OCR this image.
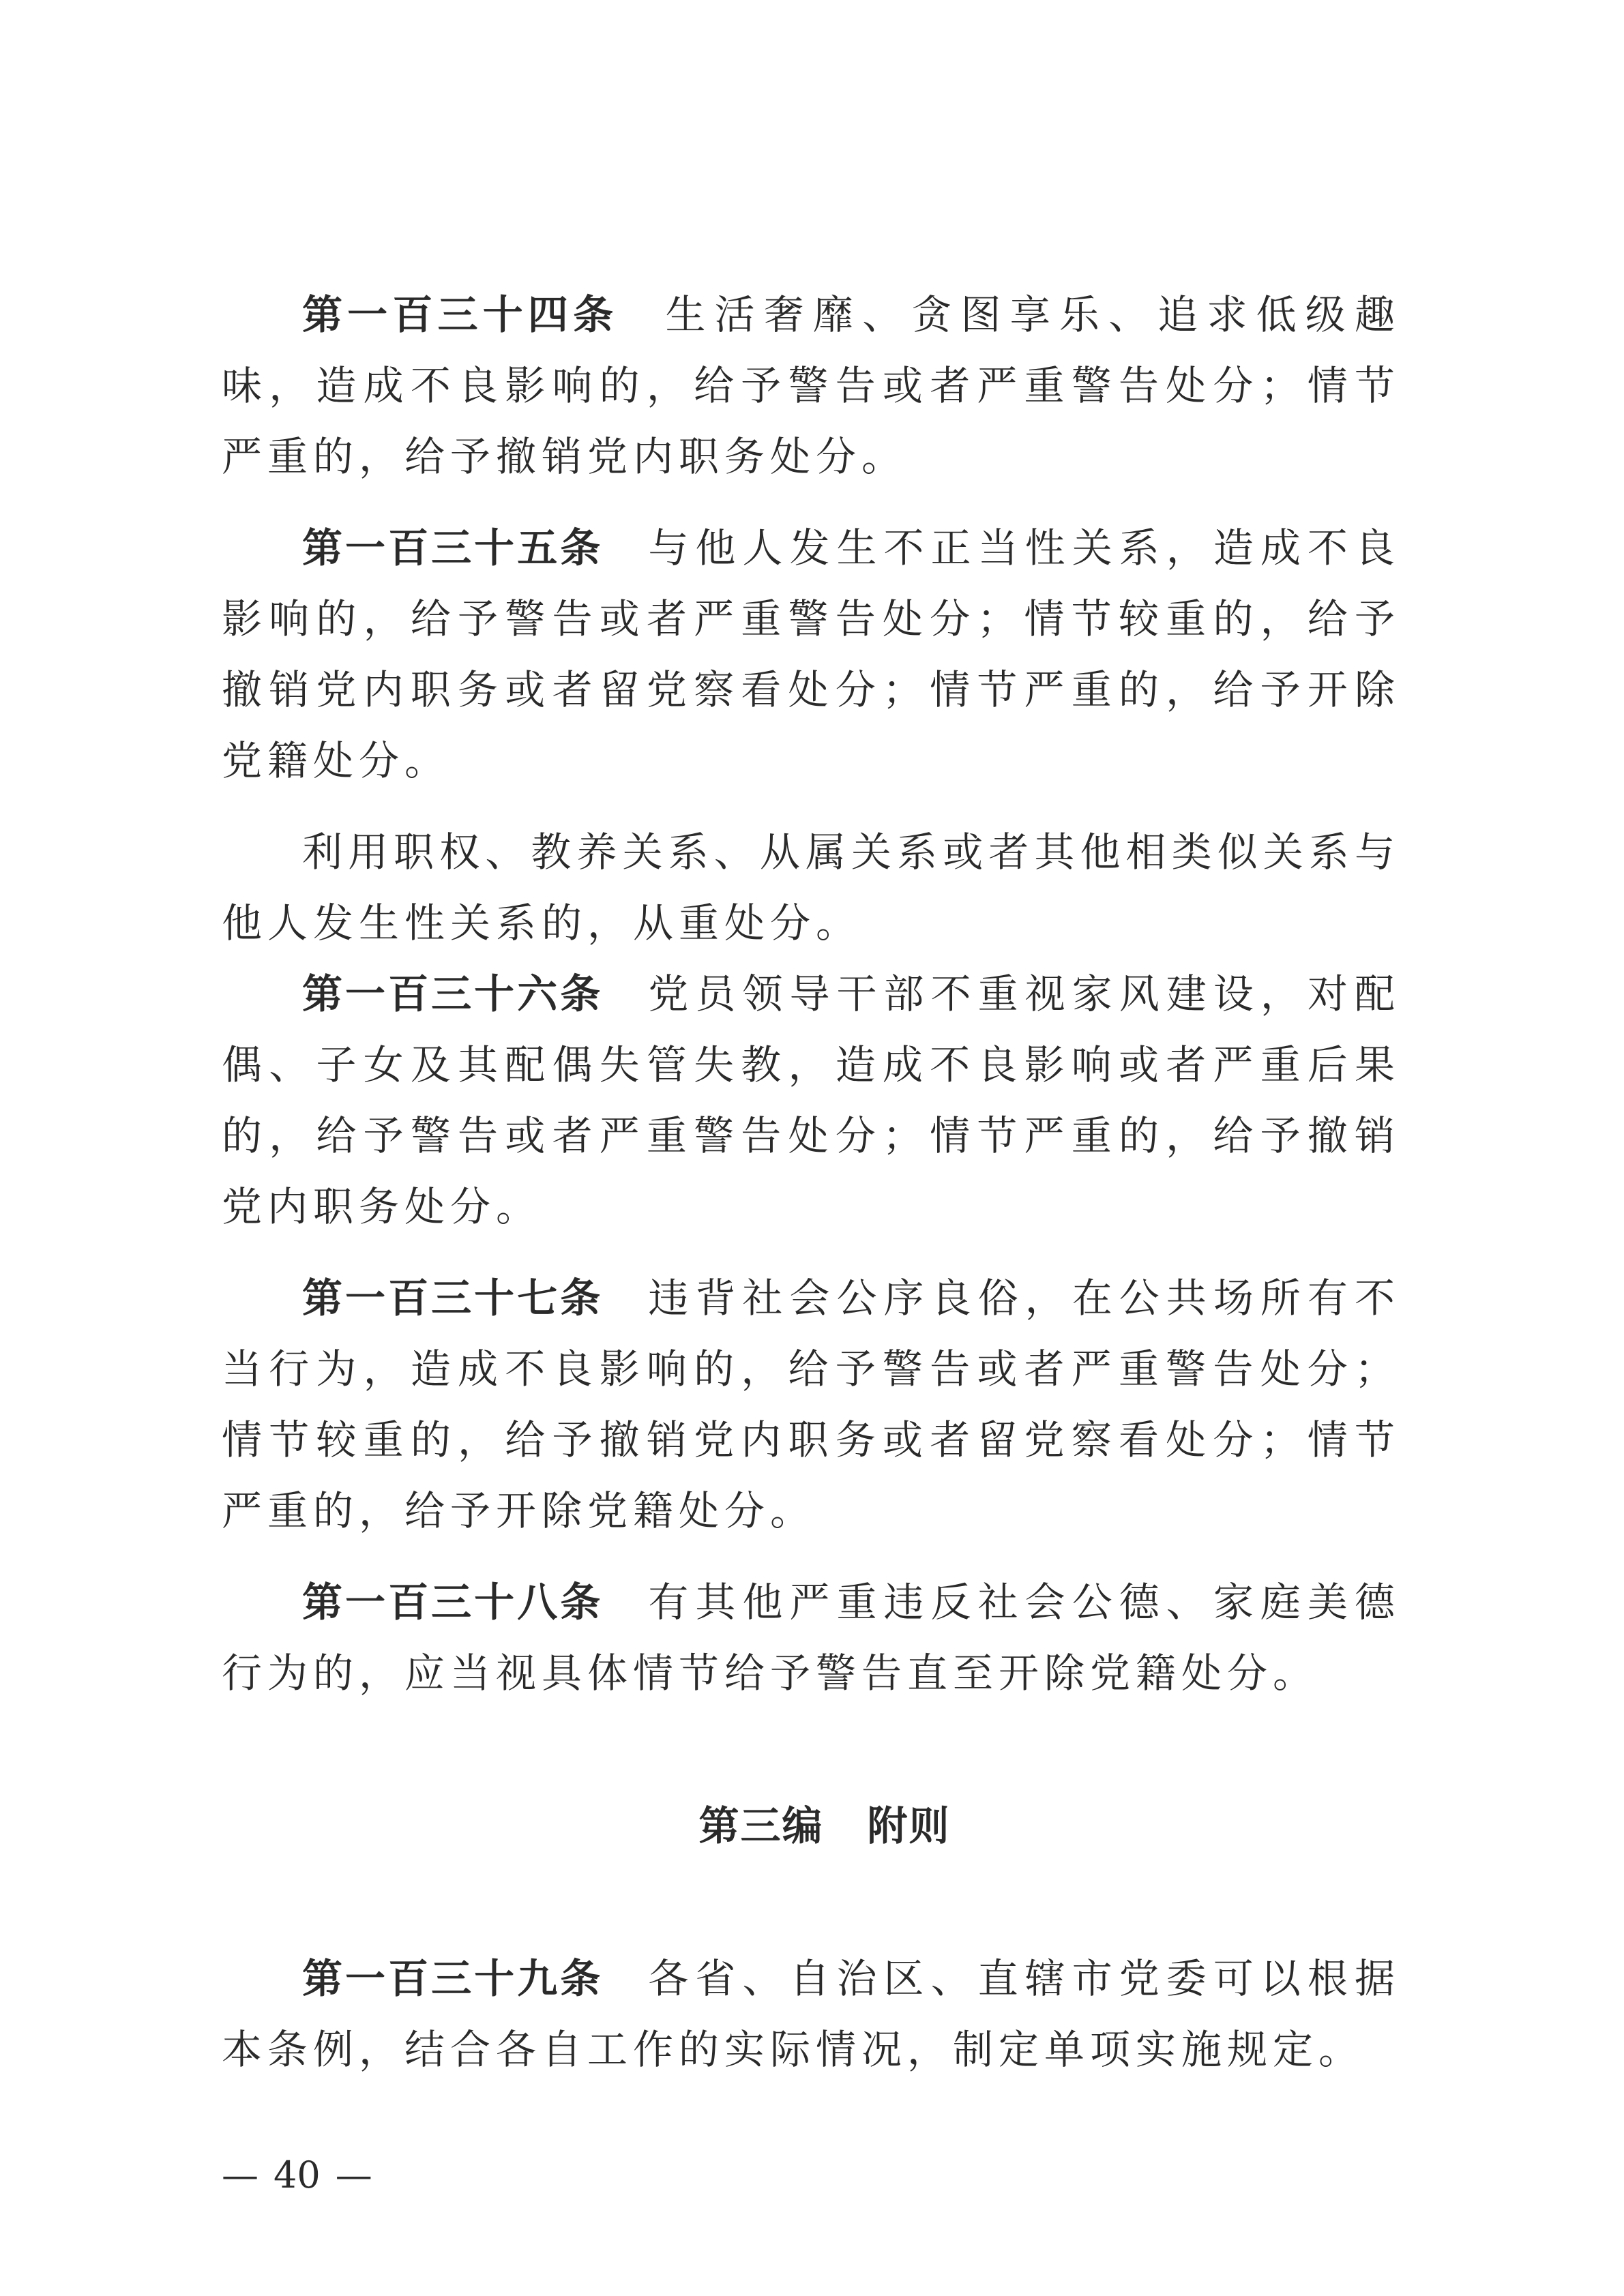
第一百三十四条 生活奢靡、贪图享乐、追求低级趣味，造成不良影响的，给予警告或者严重警告处分；情节严重的，给予撤销党内职务处分。

第一百三十五条 与他人发生不正当性关系，造成不良影响的，给予警告或者严重警告处分；情节较重的，给予撤销党内职务或者留党察看处分；情节严重的，给予开除党籍处分。

利用职权、教养关系、从属关系或者其他相类似关系与他人发生性关系的，从重处分。

第一百三十六条 党员领导干部不重视家风建设，对配偶、子女及其配偶失管失教，造成不良影响或者严重后果的，给予警告或者严重警告处分；情节严重的，给予撤销党内职务处分。

第一百三十七条 违背社会公序良俗，在公共场所有不当行为，造成不良影响的，给予警告或者严重警告处分；情节较重的，给予撤销党内职务或者留党察看处分；情节严重的，给予开除党籍处分。

第一百三十八条 有其他严重违反社会公德、家庭美德行为的，应当视具体情节给予警告直至开除党籍处分。

第三编 附则

第一百三十九条 各省、自治区、直辖市党委可以根据本条例，结合各自工作的实际情况，制定单项实施规定。

— 40 —
